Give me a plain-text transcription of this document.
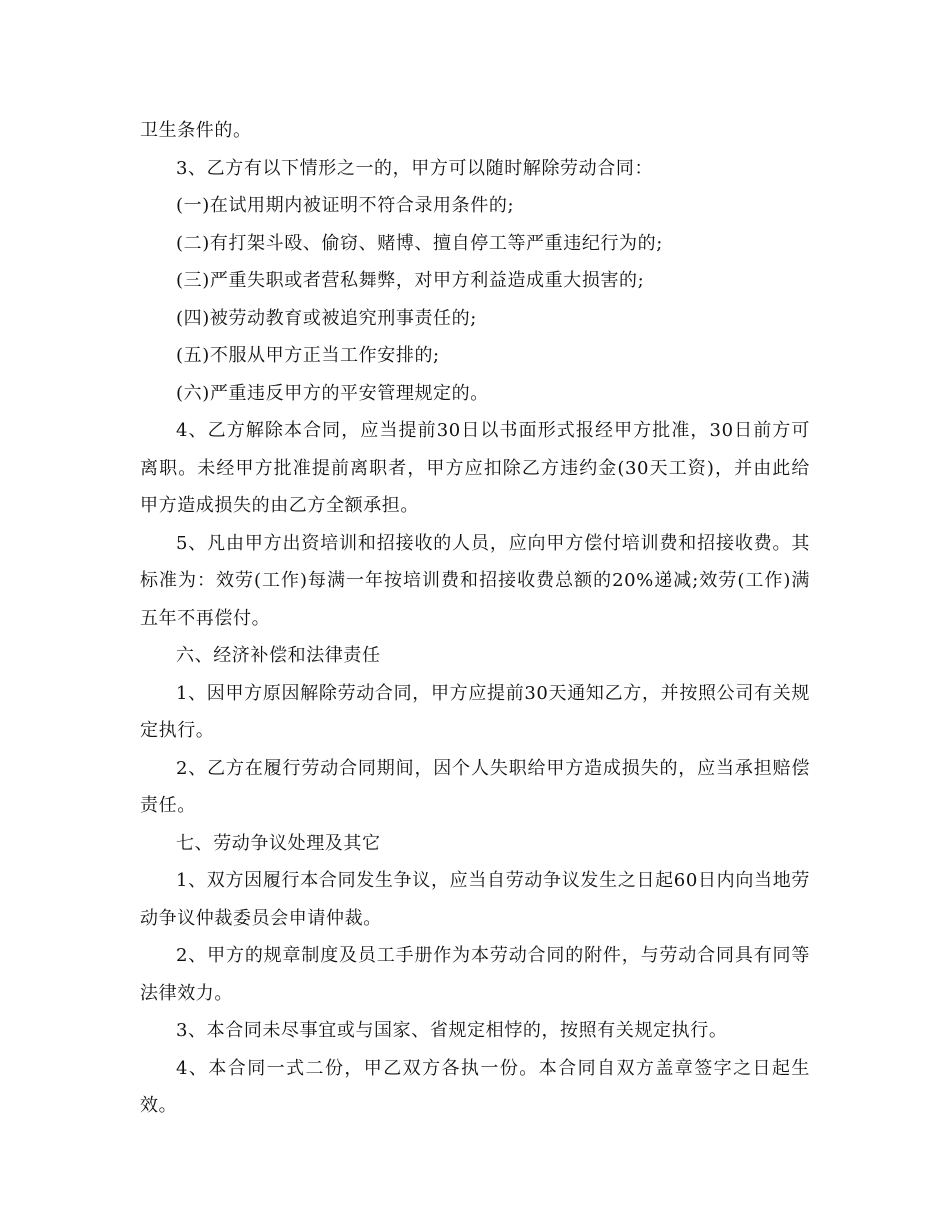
卫生条件的。

3、乙方有以下情形之一的，甲方可以随时解除劳动合同：

(一)在试用期内被证明不符合录用条件的;

(二)有打架斗殴、偷窃、赌博、擅自停工等严重违纪行为的;

(三)严重失职或者营私舞弊，对甲方利益造成重大损害的;

(四)被劳动教育或被追究刑事责任的;

(五)不服从甲方正当工作安排的;

(六)严重违反甲方的平安管理规定的。

4、乙方解除本合同，应当提前30日以书面形式报经甲方批准，30日前方可离职。未经甲方批准提前离职者，甲方应扣除乙方违约金(30天工资)，并由此给甲方造成损失的由乙方全额承担。

5、凡由甲方出资培训和招接收的人员，应向甲方偿付培训费和招接收费。其标准为：效劳(工作)每满一年按培训费和招接收费总额的20%递减;效劳(工作)满五年不再偿付。

六、经济补偿和法律责任

1、因甲方原因解除劳动合同，甲方应提前30天通知乙方，并按照公司有关规定执行。

2、乙方在履行劳动合同期间，因个人失职给甲方造成损失的，应当承担赔偿责任。

七、劳动争议处理及其它

1、双方因履行本合同发生争议，应当自劳动争议发生之日起60日内向当地劳动争议仲裁委员会申请仲裁。

2、甲方的规章制度及员工手册作为本劳动合同的附件，与劳动合同具有同等法律效力。

3、本合同未尽事宜或与国家、省规定相悖的，按照有关规定执行。

4、本合同一式二份，甲乙双方各执一份。本合同自双方盖章签字之日起生效。
